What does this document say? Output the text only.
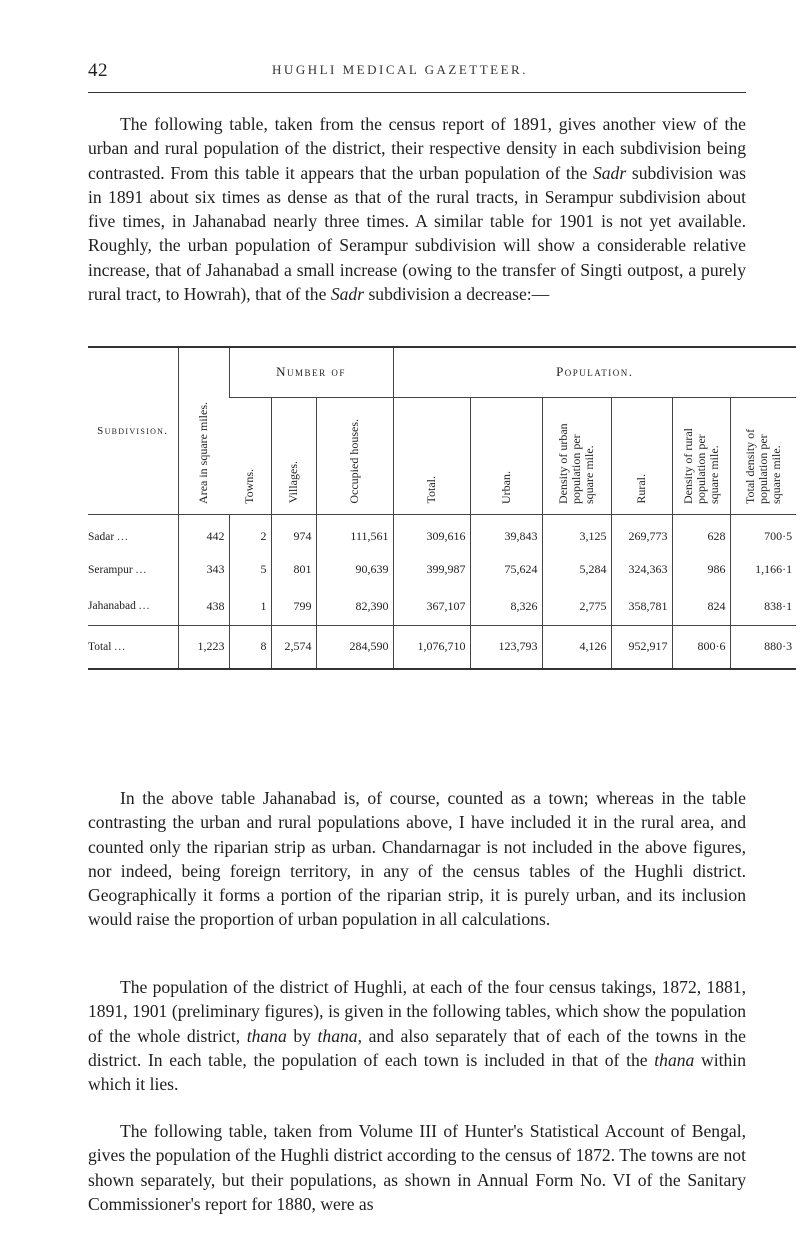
42	HUGHLI MEDICAL GAZETTEER.

The following table, taken from the census report of 1891, gives another view of the urban and rural population of the district, their respective density in each subdivision being contrasted. From this table it appears that the urban population of the Sadr subdivision was in 1891 about six times as dense as that of the rural tracts, in Serampur subdivision about five times, in Jahanabad nearly three times. A similar table for 1901 is not yet available. Roughly, the urban population of Serampur subdivision will show a considerable relative increase, that of Jahanabad a small increase (owing to the transfer of Singti outpost, a purely rural tract, to Howrah), that of the Sadr subdivision a decrease:—

Subdivision.	Area in square miles.	Number of			Population.					
		Towns.	Villages.	Occupied houses.	Total.	Urban.	Density of urban population per square mile.	Rural.	Density of rural population per square mile.	Total density of population per square mile.
Sadar ...	442	2	974	111,561	309,616	39,843	3,125	269,773	628	700·5
Serampur ...	343	5	801	90,639	399,987	75,624	5,284	324,363	986	1,166·1
Jahanabad ...	438	1	799	82,390	367,107	8,326	2,775	358,781	824	838·1
Total ...	1,223	8	2,574	284,590	1,076,710	123,793	4,126	952,917	800·6	880·3

In the above table Jahanabad is, of course, counted as a town; whereas in the table contrasting the urban and rural populations above, I have included it in the rural area, and counted only the riparian strip as urban. Chandarnagar is not included in the above figures, nor indeed, being foreign territory, in any of the census tables of the Hughli district. Geographically it forms a portion of the riparian strip, it is purely urban, and its inclusion would raise the proportion of urban population in all calculations.

The population of the district of Hughli, at each of the four census takings, 1872, 1881, 1891, 1901 (preliminary figures), is given in the following tables, which show the population of the whole district, thana by thana, and also separately that of each of the towns in the district. In each table, the population of each town is included in that of the thana within which it lies.

The following table, taken from Volume III of Hunter's Statistical Account of Bengal, gives the population of the Hughli district according to the census of 1872. The towns are not shown separately, but their populations, as shown in Annual Form No. VI of the Sanitary Commissioner's report for 1880, were as
